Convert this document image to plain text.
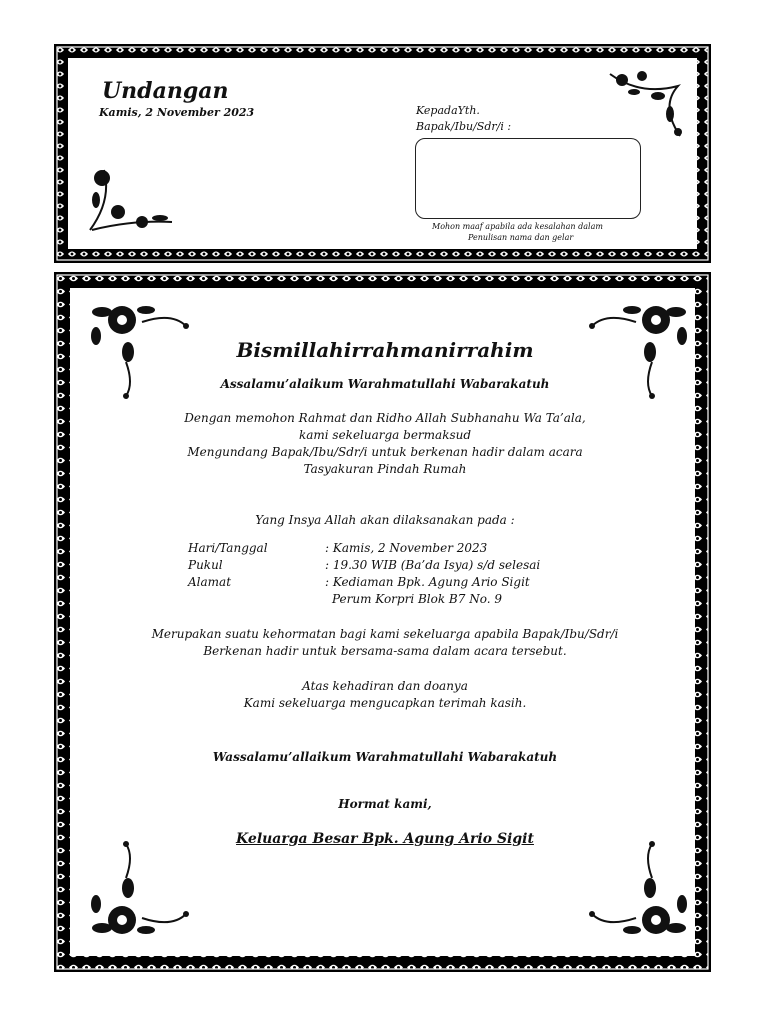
Undangan
Kamis, 2 November 2023	KepadaYth.
Bapak/Ibu/Sdr/i :
Mohon maaf apabila ada kesalahan dalam
Penulisan nama dan gelar
Bismillahirrahmanirrahim
Assalamu’alaikum Warahmatullahi Wabarakatuh
Dengan memohon Rahmat dan Ridho Allah Subhanahu Wa Ta’ala,
kami sekeluarga bermaksud
Mengundang Bapak/Ibu/Sdr/i untuk berkenan hadir dalam acara
Tasyakuran Pindah Rumah
Yang Insya Allah akan dilaksanakan pada :
Hari/Tanggal	: Kamis, 2 November 2023
Pukul	: 19.30 WIB (Ba’da Isya) s/d selesai
Alamat	: Kediaman Bpk. Agung Ario Sigit
Perum Korpri Blok B7 No. 9
Merupakan suatu kehormatan bagi kami sekeluarga apabila Bapak/Ibu/Sdr/i
Berkenan hadir untuk bersama-sama dalam acara tersebut.
Atas kehadiran dan doanya
Kami sekeluarga mengucapkan terimah kasih.
Wassalamu’allaikum Warahmatullahi Wabarakatuh
Hormat kami,
Keluarga Besar Bpk. Agung Ario Sigit
